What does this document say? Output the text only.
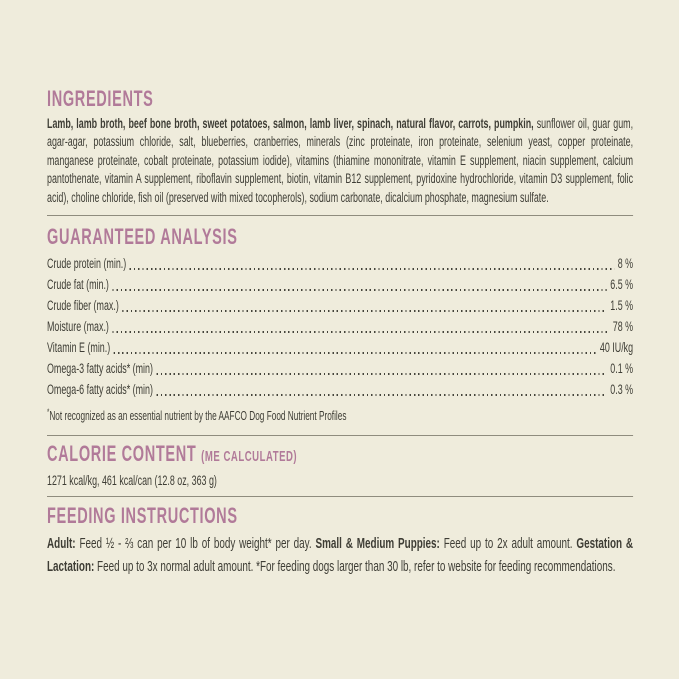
INGREDIENTS

Lamb, lamb broth, beef bone broth, sweet potatoes, salmon, lamb liver, spinach, natural flavor, carrots, pumpkin, sunflower oil, guar gum, agar-agar, potassium chloride, salt, blueberries, cranberries, minerals (zinc proteinate, iron proteinate, selenium yeast, copper proteinate, manganese proteinate, cobalt proteinate, potassium iodide), vitamins (thiamine mononitrate, vitamin E supplement, niacin supplement, calcium pantothenate, vitamin A supplement, riboflavin supplement, biotin, vitamin B12 supplement, pyridoxine hydrochloride, vitamin D3 supplement, folic acid), choline chloride, fish oil (preserved with mixed tocopherols), sodium carbonate, dicalcium phosphate, magnesium sulfate.

GUARANTEED ANALYSIS
Crude protein (min.)	8 %
Crude fat (min.)	6.5 %
Crude fiber (max.)	1.5 %
Moisture (max.)	78 %
Vitamin E (min.)	40 IU/kg
Omega-3 fatty acids* (min)	0.1 %
Omega-6 fatty acids* (min)	0.3 %

*Not recognized as an essential nutrient by the AAFCO Dog Food Nutrient Profiles

CALORIE CONTENT (ME CALCULATED)

1271 kcal/kg, 461 kcal/can (12.8 oz, 363 g)

FEEDING INSTRUCTIONS

Adult: Feed ½ - ⅔ can per 10 lb of body weight* per day. Small & Medium Puppies: Feed up to 2x adult amount. Gestation & Lactation: Feed up to 3x normal adult amount. *For feeding dogs larger than 30 lb, refer to website for feeding recommendations.
